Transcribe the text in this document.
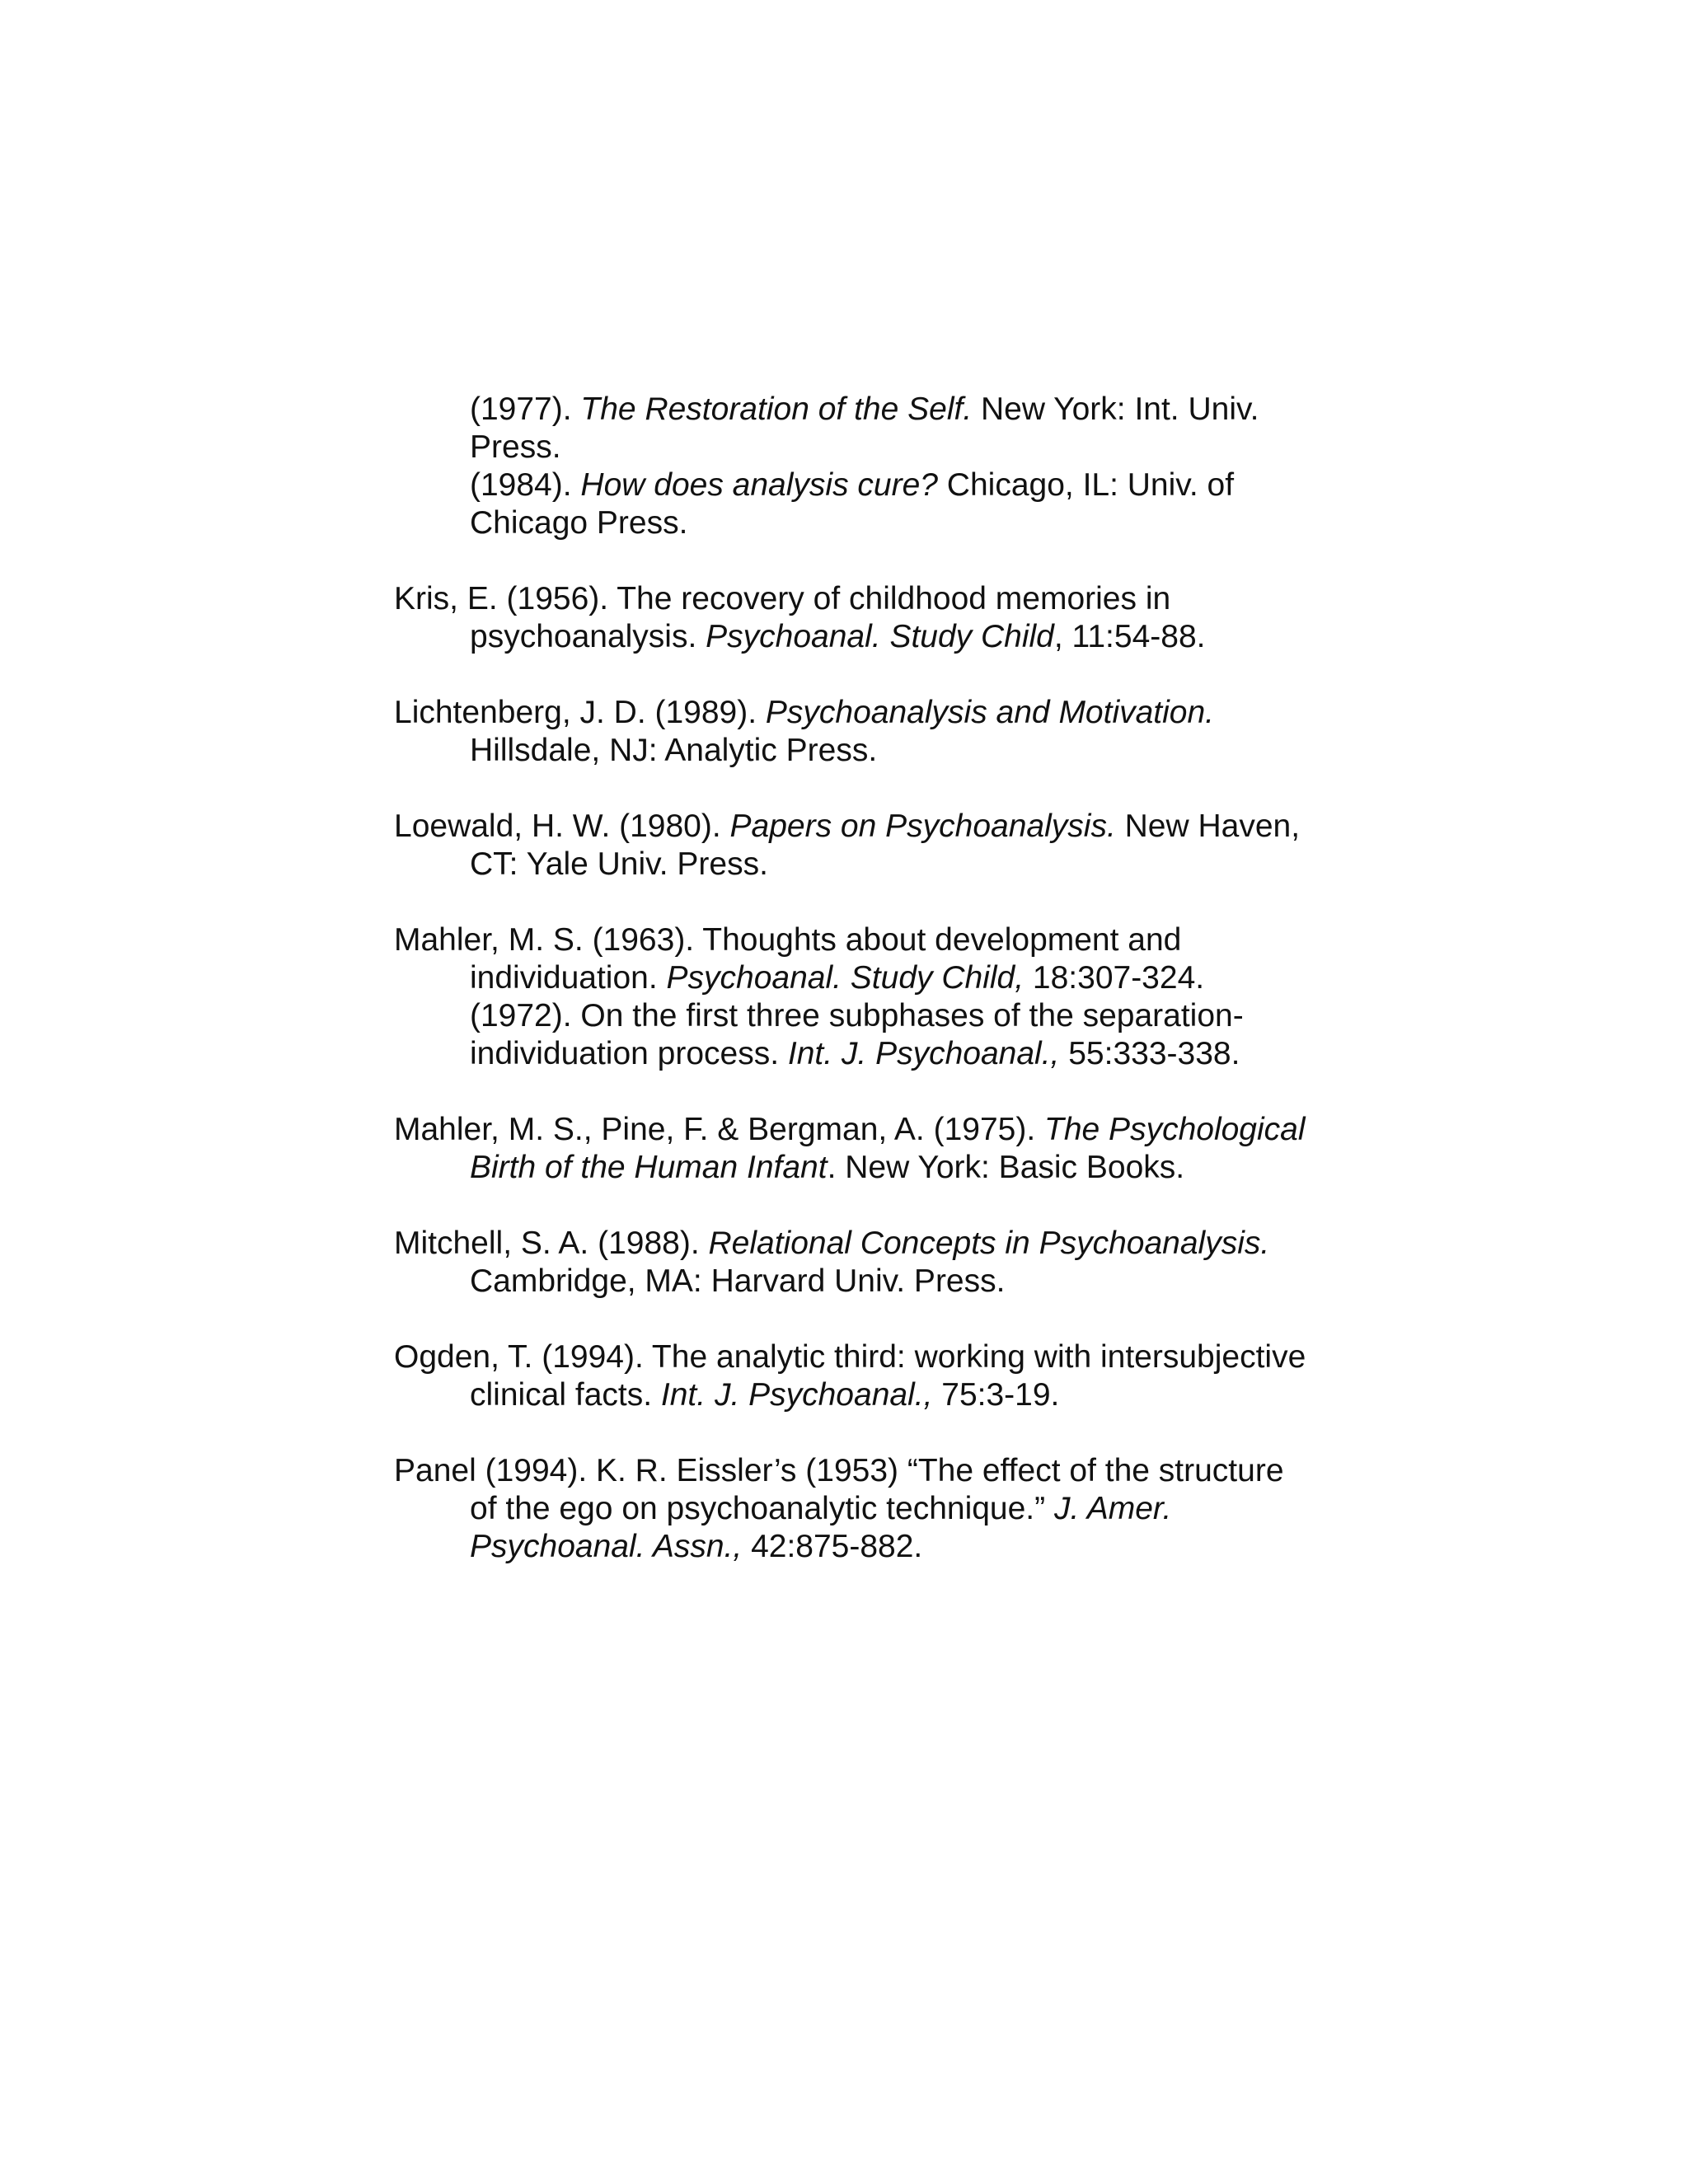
(1977). The Restoration of the Self. New York: Int. Univ. Press.

(1984). How does analysis cure? Chicago, IL: Univ. of Chicago Press.

Kris, E. (1956). The recovery of childhood memories in psychoanalysis. Psychoanal. Study Child, 11:54-88.

Lichtenberg, J. D. (1989). Psychoanalysis and Motivation. Hillsdale, NJ: Analytic Press.

Loewald, H. W. (1980). Papers on Psychoanalysis. New Haven, CT: Yale Univ. Press.

Mahler, M. S. (1963). Thoughts about development and individuation. Psychoanal. Study Child, 18:307-324.
(1972). On the first three subphases of the separation-individuation process. Int. J. Psychoanal., 55:333-338.

Mahler, M. S., Pine, F. & Bergman, A. (1975). The Psychological Birth of the Human Infant. New York: Basic Books.

Mitchell, S. A. (1988). Relational Concepts in Psychoanalysis. Cambridge, MA: Harvard Univ. Press.

Ogden, T. (1994). The analytic third: working with intersubjective clinical facts. Int. J. Psychoanal., 75:3-19.

Panel (1994). K. R. Eissler’s (1953) “The effect of the structure of the ego on psychoanalytic technique.” J. Amer. Psychoanal. Assn., 42:875-882.
